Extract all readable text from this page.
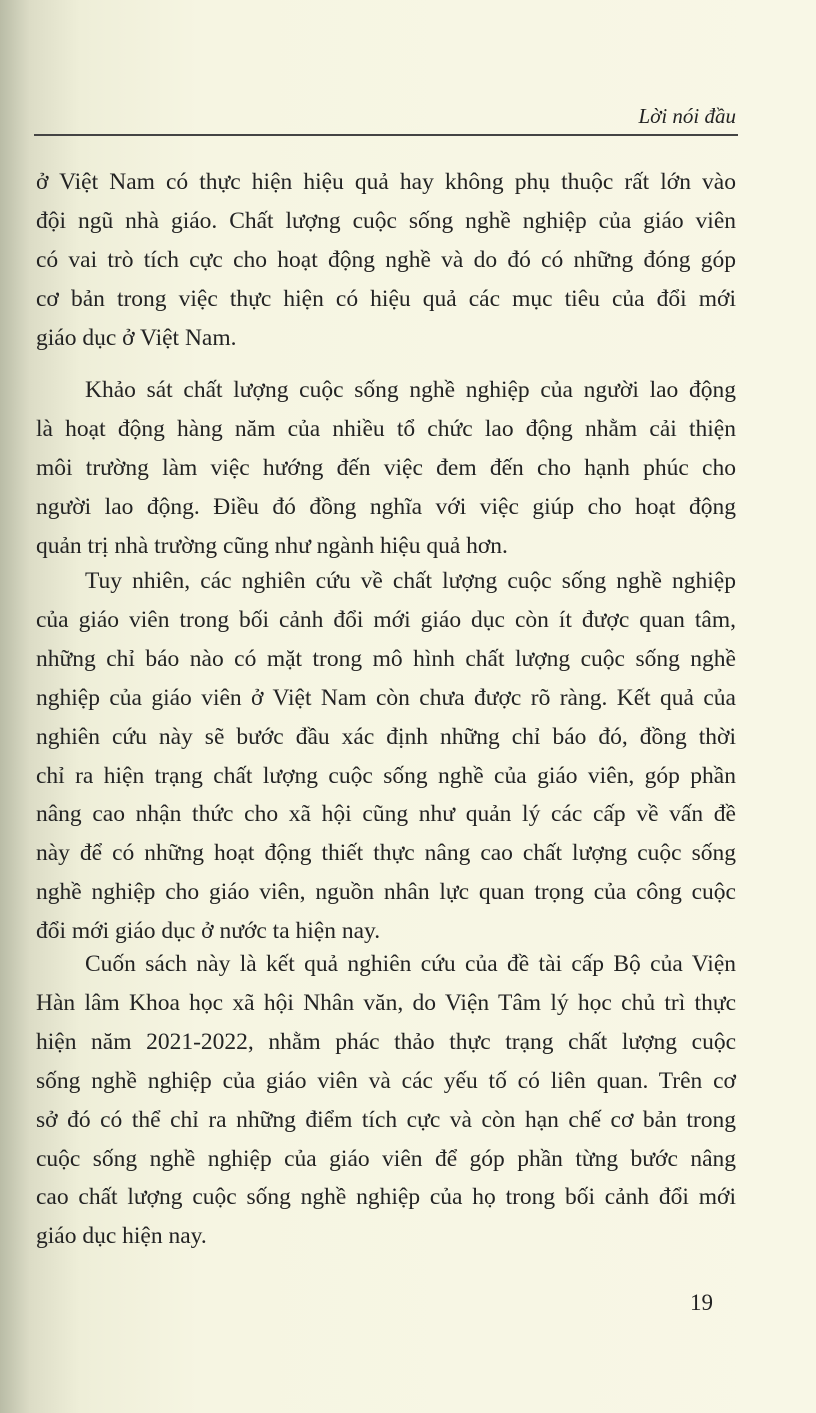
Lời nói đầu
ở Việt Nam có thực hiện hiệu quả hay không phụ thuộc rất lớn vào
đội ngũ nhà giáo. Chất lượng cuộc sống nghề nghiệp của giáo viên
có vai trò tích cực cho hoạt động nghề và do đó có những đóng góp
cơ bản trong việc thực hiện có hiệu quả các mục tiêu của đổi mới
giáo dục ở Việt Nam.
Khảo sát chất lượng cuộc sống nghề nghiệp của người lao động
là hoạt động hàng năm của nhiều tổ chức lao động nhằm cải thiện
môi trường làm việc hướng đến việc đem đến cho hạnh phúc cho
người lao động. Điều đó đồng nghĩa với việc giúp cho hoạt động
quản trị nhà trường cũng như ngành hiệu quả hơn.
Tuy nhiên, các nghiên cứu về chất lượng cuộc sống nghề nghiệp
của giáo viên trong bối cảnh đổi mới giáo dục còn ít được quan tâm,
những chỉ báo nào có mặt trong mô hình chất lượng cuộc sống nghề
nghiệp của giáo viên ở Việt Nam còn chưa được rõ ràng. Kết quả của
nghiên cứu này sẽ bước đầu xác định những chỉ báo đó, đồng thời
chỉ ra hiện trạng chất lượng cuộc sống nghề của giáo viên, góp phần
nâng cao nhận thức cho xã hội cũng như quản lý các cấp về vấn đề
này để có những hoạt động thiết thực nâng cao chất lượng cuộc sống
nghề nghiệp cho giáo viên, nguồn nhân lực quan trọng của công cuộc
đổi mới giáo dục ở nước ta hiện nay.
Cuốn sách này là kết quả nghiên cứu của đề tài cấp Bộ của Viện
Hàn lâm Khoa học xã hội Nhân văn, do Viện Tâm lý học chủ trì thực
hiện năm 2021-2022, nhằm phác thảo thực trạng chất lượng cuộc
sống nghề nghiệp của giáo viên và các yếu tố có liên quan. Trên cơ
sở đó có thể chỉ ra những điểm tích cực và còn hạn chế cơ bản trong
cuộc sống nghề nghiệp của giáo viên để góp phần từng bước nâng
cao chất lượng cuộc sống nghề nghiệp của họ trong bối cảnh đổi mới
giáo dục hiện nay.
19
